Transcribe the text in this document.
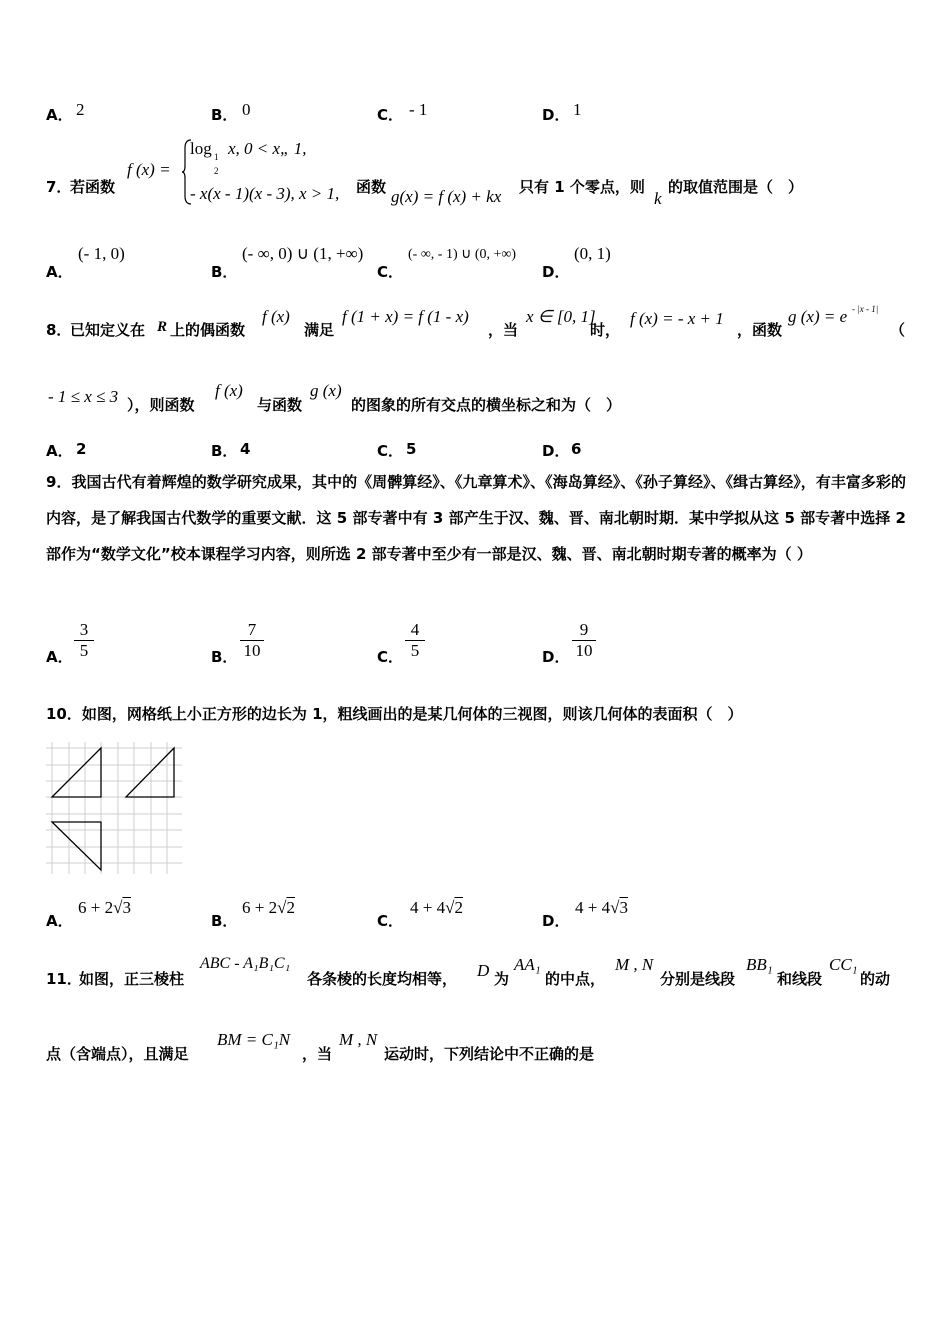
A． 2	B． 0	C． - 1	D． 1
7．
若函数
f (x) =
log 1
2
x, 0 < x„ 1,
- x(x - 1)(x - 3), x > 1, 函数 g(x) = f (x) + kx 只有 1 个零点，则
k
的取值范围是（　）
A．
(- 1, 0)
B．
(- ∞, 0) ∪ (1, +∞)
C．
(- ∞, - 1) ∪ (0, +∞)
D．
(0, 1)
8．
已知定义在 R 上的偶函数
f (x)
满足
f (1 + x) = f (1 - x)
，当
x ∈ [0, 1]
时，
f (x) = - x + 1
，函数
g (x) = e - |x - 1|
（
- 1 ≤ x ≤ 3 ），则函数
f (x)
与函数
g (x)
的图象的所有交点的横坐标之和为（　）
A． 2	B． 4	C． 5	D． 6
9．我国古代有着辉煌的数学研究成果，其中的《周髀算经》、《九章算术》、《海岛算经》、《孙子算经》、《缉古算经》，有丰富多彩的内容，是了解我国古代数学的重要文献．这 5 部专著中有 3 部产生于汉、魏、晋、南北朝时期．某中学拟从这 5 部专著中选择 2 部作为“数学文化”校本课程学习内容，则所选 2 部专著中至少有一部是汉、魏、晋、南北朝时期专著的概率为（ ）
A． $\frac{3}{5}$	B． $\frac{7}{10}$	C． $\frac{4}{5}$	D． $\frac{9}{10}$
10．如图，网格纸上小正方形的边长为 1，粗线画出的是某几何体的三视图，则该几何体的表面积（　）
A．
6 + 2√3
B．
6 + 2√2
C．
4 + 4√2
D．
4 + 4√3
11．
如图，正三棱柱
ABC - A₁B₁C₁
各条棱的长度均相等， D 为
AA₁
的中点，
M , N
分别是线段
BB₁
和线段
CC₁
的动
点（含端点），且满足
BM = C₁N
，当
M , N
运动时，下列结论中不正确的是
